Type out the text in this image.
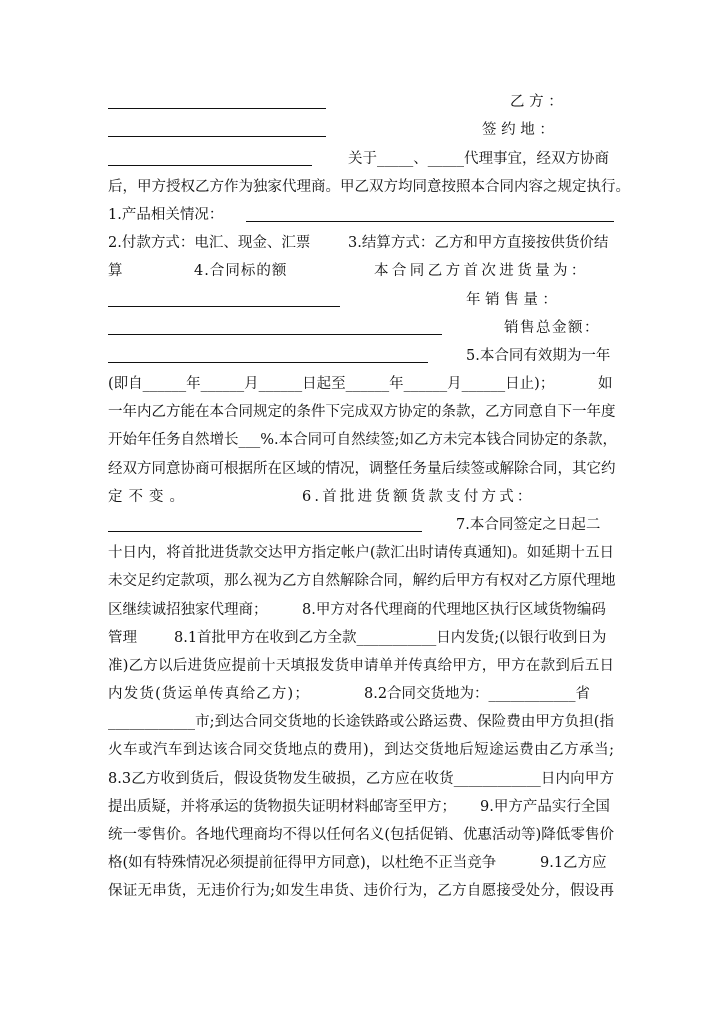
乙 方 ：
签 约 地 ：
关于_____、_____代理事宜，经双方协商
后，甲方授权乙方作为独家代理商。甲乙双方均同意按照本合同内容之规定执行。
1.产品相关情况：
2.付款方式：电汇、现金、汇票	3.结算方式：乙方和甲方直接按供货价结
算	4.合同标的额	本合同乙方首次进货量为：
年 销 售 量 ：
销售总金额：
5.本合同有效期为一年
(即自______年______月______日起至______年______月______日止)；	如
一年内乙方能在本合同规定的条件下完成双方协定的条款，乙方同意自下一年度
开始年任务自然增长___%.本合同可自然续签;如乙方未完本钱合同协定的条款，
经双方同意协商可根据所在区域的情况，调整任务量后续签或解除合同，其它约
定不变。	6.首批进货额货款支付方式：
7.本合同签定之日起二
十日内，将首批进货款交达甲方指定帐户(款汇出时请传真通知)。如延期十五日
未交足约定款项，那么视为乙方自然解除合同，解约后甲方有权对乙方原代理地
区继续诚招独家代理商； 8.甲方对各代理商的代理地区执行区域货物编码
管理	8.1首批甲方在收到乙方全款___________日内发货;(以银行收到日为
准)乙方以后进货应提前十天填报发货申请单并传真给甲方，甲方在款到后五日
内发货(货运单传真给乙方)；	8.2合同交货地为：____________省
____________市;到达合同交货地的长途铁路或公路运费、保险费由甲方负担(指
火车或汽车到达该合同交货地点的费用)，到达交货地后短途运费由乙方承当;
8.3乙方收到货后，假设货物发生破损，乙方应在收货____________日内向甲方
提出质疑，并将承运的货物损失证明材料邮寄至甲方； 9.甲方产品实行全国
统一零售价。各地代理商均不得以任何名义(包括促销、优惠活动等)降低零售价
格(如有特殊情况必须提前征得甲方同意)，以杜绝不正当竞争	9.1乙方应
保证无串货，无违价行为;如发生串货、违价行为，乙方自愿接受处分，假设再
